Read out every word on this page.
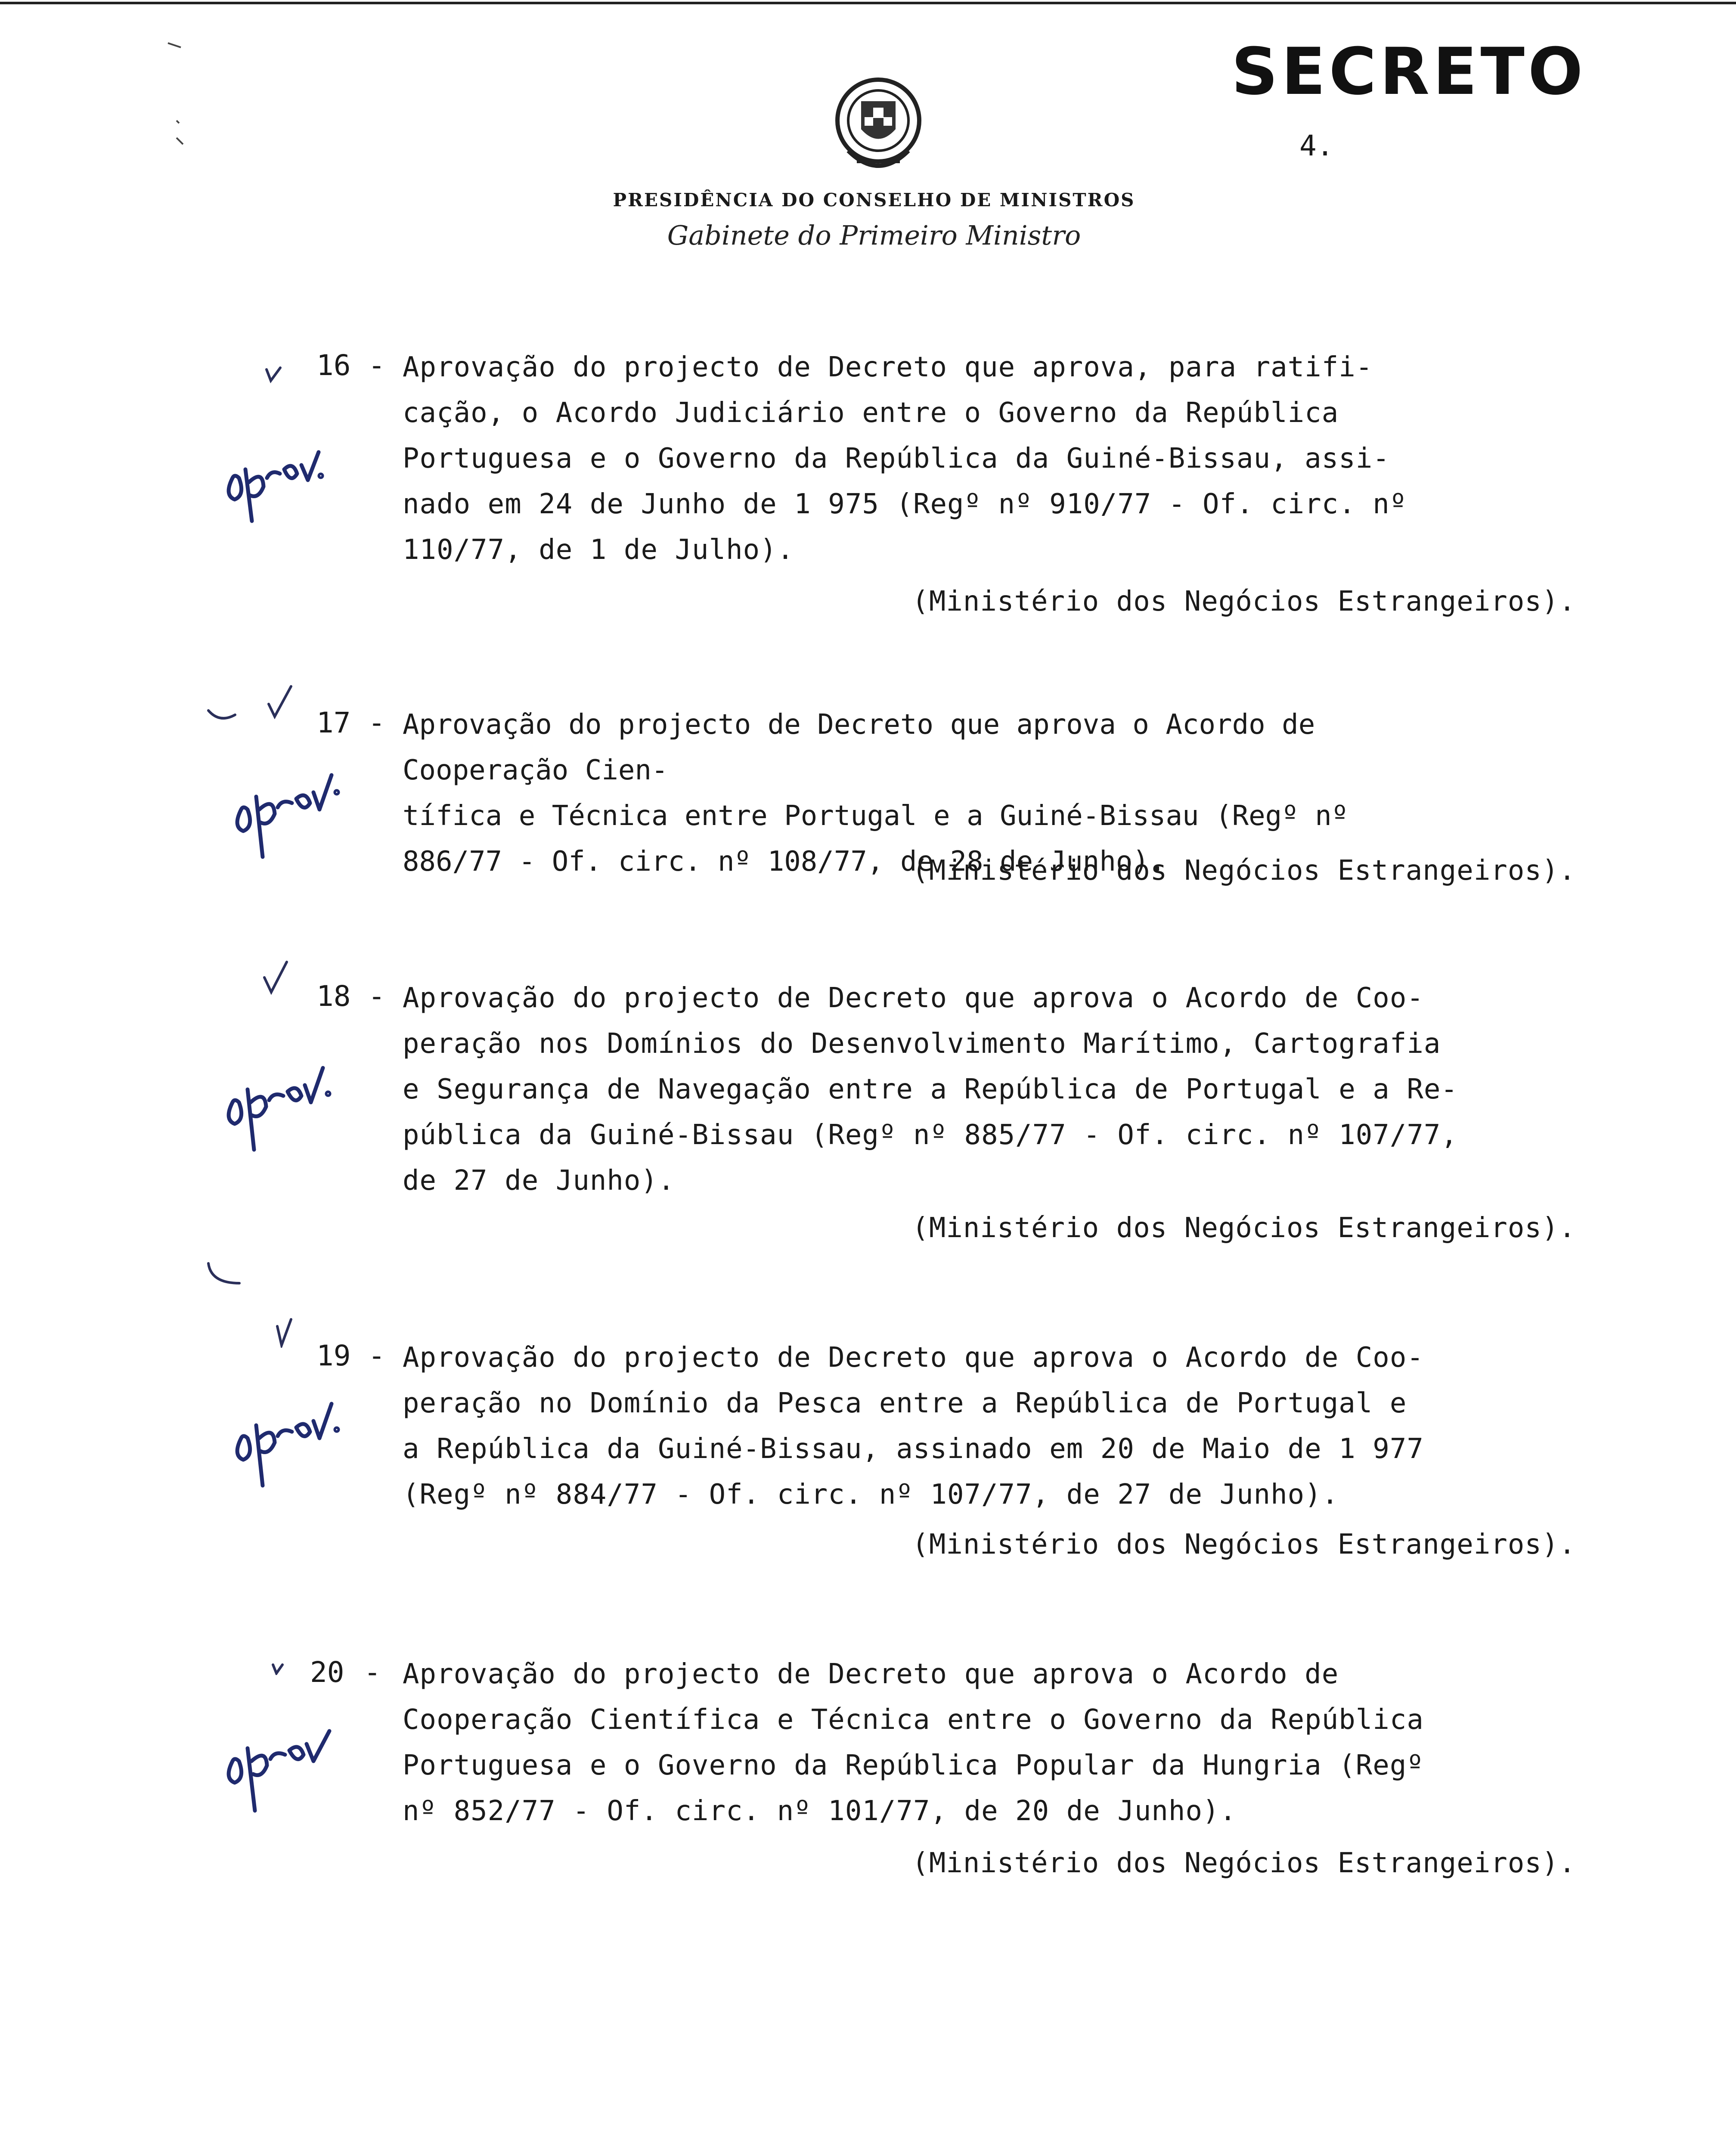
SECRETO
4.
PRESIDÊNCIA DO CONSELHO DE MINISTROS
Gabinete do Primeiro Ministro
16 - Aprovação do projecto de Decreto que aprova, para ratifi-
cação, o Acordo Judiciário entre o Governo da República
Portuguesa e o Governo da República da Guiné-Bissau, assi-
nado em 24 de Junho de 1 975 (Regº nº 910/77 - Of. circ. nº
110/77, de 1 de Julho).
(Ministério dos Negócios Estrangeiros).
17 - Aprovação do projecto de Decreto que aprova o Acordo de Cooperação Cien-
tífica e Técnica entre Portugal e a Guiné-Bissau (Regº nº
886/77 - Of. circ. nº 108/77, de 28 de Junho).
(Ministério dos Negócios Estrangeiros).
18 - Aprovação do projecto de Decreto que aprova o Acordo de Coo-
peração nos Domínios do Desenvolvimento Marítimo, Cartografia
e Segurança de Navegação entre a República de Portugal e a Re-
pública da Guiné-Bissau (Regº nº 885/77 - Of. circ. nº 107/77,
de 27 de Junho).
(Ministério dos Negócios Estrangeiros).
19 - Aprovação do projecto de Decreto que aprova o Acordo de Coo-
peração no Domínio da Pesca entre a República de Portugal e
a República da Guiné-Bissau, assinado em 20 de Maio de 1 977
(Regº nº 884/77 - Of. circ. nº 107/77, de 27 de Junho).
(Ministério dos Negócios Estrangeiros).
20 - Aprovação do projecto de Decreto que aprova o Acordo de
Cooperação Científica e Técnica entre o Governo da República
Portuguesa e o Governo da República Popular da Hungria (Regº
nº 852/77 - Of. circ. nº 101/77, de 20 de Junho).
(Ministério dos Negócios Estrangeiros).
